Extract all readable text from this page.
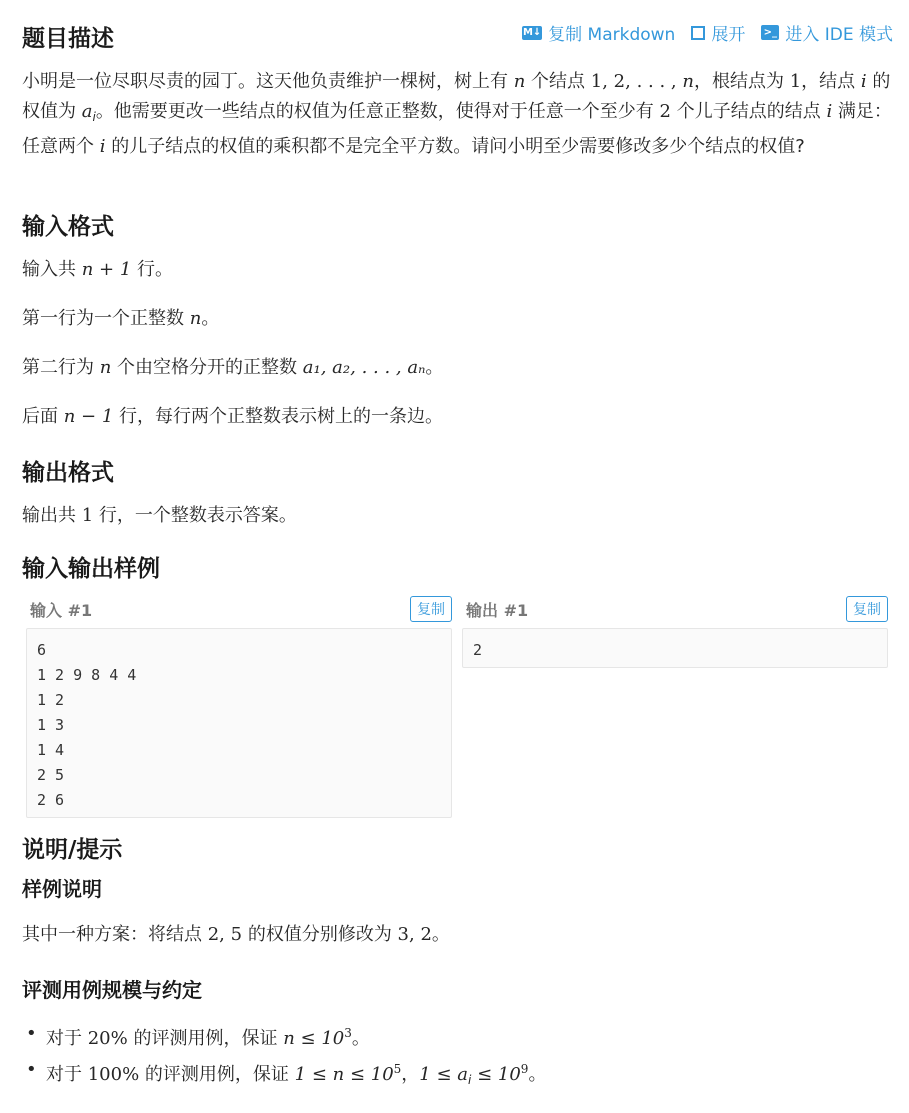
题目描述	M↓ 复制 Markdown 展开 >_ 进入 IDE 模式

小明是一位尽职尽责的园丁。这天他负责维护一棵树，树上有 n 个结点 1, 2, . . . , n，根结点为 1，结点 i 的权值为 $a_i$。他需要更改一些结点的权值为任意正整数，使得对于任意一个至少有 2 个儿子结点的结点 i 满足：任意两个 i 的儿子结点的权值的乘积都不是完全平方数。请问小明至少需要修改多少个结点的权值?

输入格式

输入共 n + 1 行。

第一行为一个正整数 n。

第二行为 n 个由空格分开的正整数 a₁, a₂, . . . , aₙ。

后面 n − 1 行，每行两个正整数表示树上的一条边。

输出格式

输出共 1 行，一个整数表示答案。

输入输出样例
输入 #1	复制
6
1 2 9 8 4 4
1 2
1 3
1 4
2 5
2 6
输出 #1	复制
2
说明/提示
样例说明

其中一种方案：将结点 2, 5 的权值分别修改为 3, 2。

评测用例规模与约定
• 对于 20% 的评测用例，保证 $n \le 10^3$。
• 对于 100% 的评测用例，保证 $1 \le n \le 10^5$，$1 \le a_i \le 10^9$。
